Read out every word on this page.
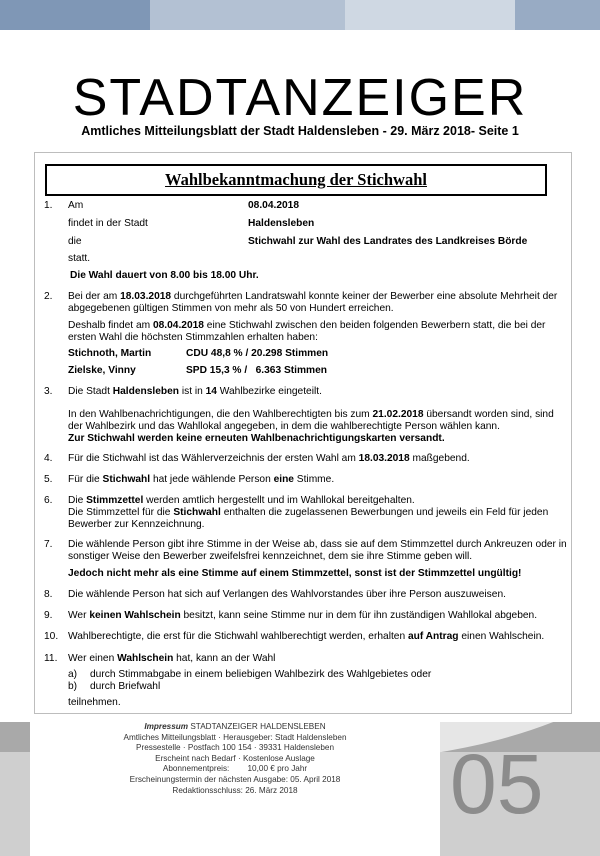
STADTANZEIGER
Amtliches Mitteilungsblatt der Stadt Haldensleben - 29. März 2018- Seite 1
Wahlbekanntmachung der Stichwahl
1. Am	08.04.2018
findet in der Stadt	Haldensleben
die	Stichwahl zur Wahl des Landrates des Landkreises Börde
statt.
Die Wahl dauert von 8.00 bis 18.00 Uhr.
2. Bei der am 18.03.2018 durchgeführten Landratswahl konnte keiner der Bewerber eine absolute Mehrheit der abgegebenen gültigen Stimmen von mehr als 50 von Hundert erreichen.
Deshalb findet am 08.04.2018 eine Stichwahl zwischen den beiden folgenden Bewerbern statt, die bei der ersten Wahl die höchsten Stimmzahlen erhalten haben:
Stichnoth, Martin	CDU 48,8 % / 20.298 Stimmen
Zielske, Vinny	SPD 15,3 % /   6.363 Stimmen
3. Die Stadt Haldensleben ist in 14 Wahlbezirke eingeteilt.
In den Wahlbenachrichtigungen, die den Wahlberechtigten bis zum 21.02.2018 übersandt worden sind, sind der Wahlbezirk und das Wahllokal angegeben, in dem die wahlberechtigte Person wählen kann.
Zur Stichwahl werden keine erneuten Wahlbenachrichtigungskarten versandt.
4. Für die Stichwahl ist das Wählerverzeichnis der ersten Wahl am 18.03.2018 maßgebend.
5. Für die Stichwahl hat jede wählende Person eine Stimme.
6. Die Stimmzettel werden amtlich hergestellt und im Wahllokal bereitgehalten.
Die Stimmzettel für die Stichwahl enthalten die zugelassenen Bewerbungen und jeweils ein Feld für jeden Bewerber zur Kennzeichnung.
7. Die wählende Person gibt ihre Stimme in der Weise ab, dass sie auf dem Stimmzettel durch Ankreuzen oder in sonstiger Weise den Bewerber zweifelsfrei kennzeichnet, dem sie ihre Stimme geben will.
Jedoch nicht mehr als eine Stimme auf einem Stimmzettel, sonst ist der Stimmzettel ungültig!
8. Die wählende Person hat sich auf Verlangen des Wahlvorstandes über ihre Person auszuweisen.
9. Wer keinen Wahlschein besitzt, kann seine Stimme nur in dem für ihn zuständigen Wahllokal abgeben.
10. Wahlberechtigte, die erst für die Stichwahl wahlberechtigt werden, erhalten auf Antrag einen Wahlschein.
11. Wer einen Wahlschein hat, kann an der Wahl
a) durch Stimmabgabe in einem beliebigen Wahlbezirk des Wahlgebietes oder
b) durch Briefwahl
teilnehmen.
Impressum STADTANZEIGER HALDENSLEBEN
Amtliches Mitteilungsblatt · Herausgeber: Stadt Haldensleben
Pressestelle · Postfach 100 154 · 39331 Haldensleben
Erscheint nach Bedarf · Kostenlose Auslage
Abonnementpreis:        10,00 € pro Jahr
Erscheinungstermin der nächsten Ausgabe: 05. April 2018
Redaktionsschluss: 26. März 2018	05
